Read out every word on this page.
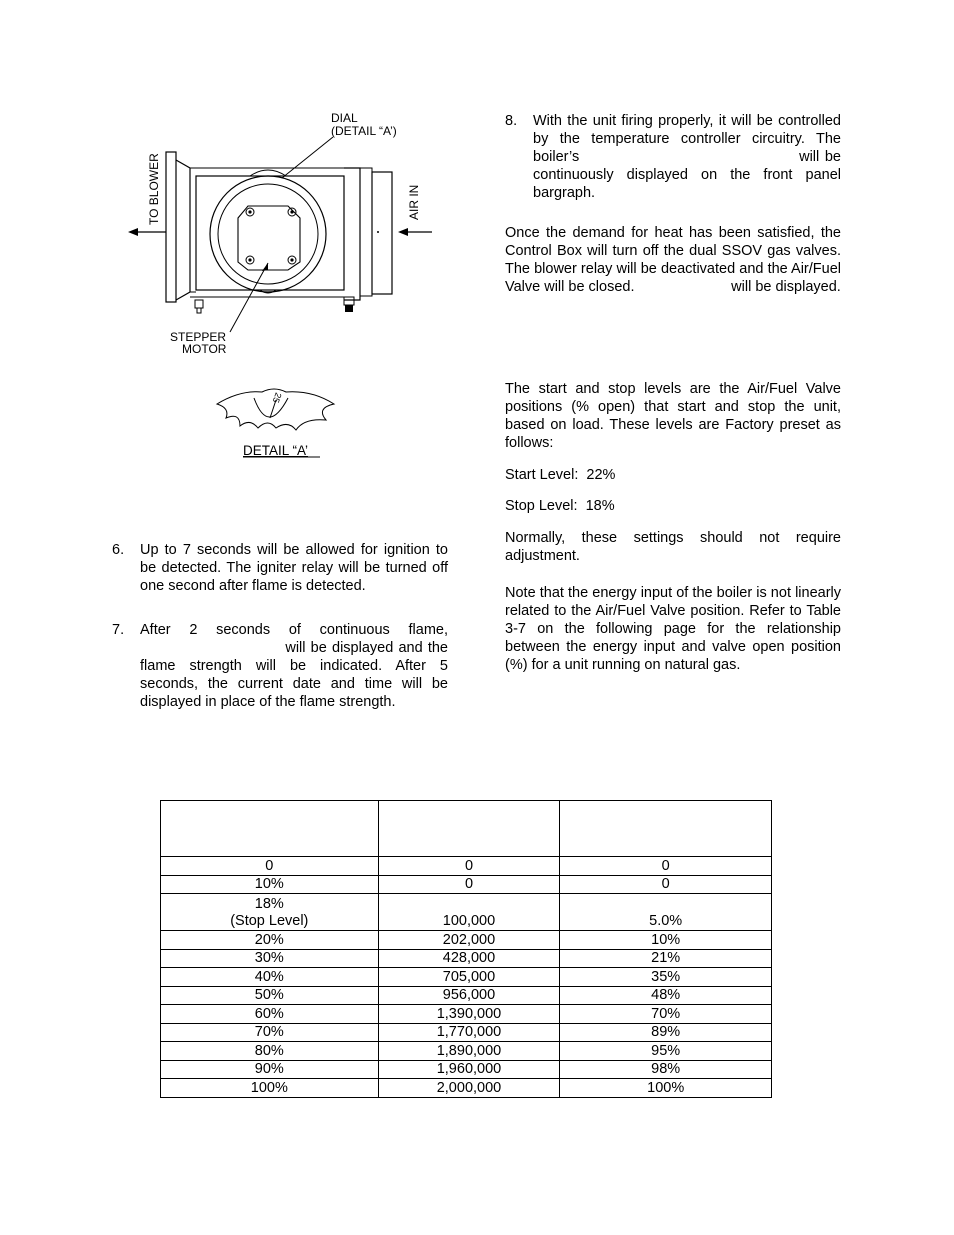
DIAL
(DETAIL “A’)
TO BLOWER	AIR IN
STEPPER
MOTOR
25
DETAIL “A’
6. Up to 7 seconds will be allowed for ignition to be detected. The igniter relay will be turned off one second after flame is detected.
7. After 2 seconds of continuous flame,                             will be displayed and the flame strength will be indicated. After 5 seconds, the current date and time will be displayed in place of the flame strength.
8. With the unit firing properly, it will be controlled by the temperature controller circuitry. The boiler’s                                       will be continuously displayed on the front panel bargraph.
Once the demand for heat has been satisfied, the Control Box will turn off the dual SSOV gas valves. The blower relay will be deactivated and the Air/Fuel Valve will be closed.                        will be displayed.
The start and stop levels are the Air/Fuel Valve positions (% open) that start and stop the unit, based on load. These levels are Factory preset as follows:
Start Level:  22%
Stop Level:  18%
Normally, these settings should not require adjustment.
Note that the energy input of the boiler is not linearly related to the Air/Fuel Valve position. Refer to Table 3-7 on the following page for the relationship between the energy input and valve open position (%) for a unit running on natural gas.

0	0	0
10%	0	0

18%
(Stop Level)	100,000	5.0%
20%	202,000	10%
30%	428,000	21%
40%	705,000	35%
50%	956,000	48%
60%	1,390,000	70%
70%	1,770,000	89%
80%	1,890,000	95%
90%	1,960,000	98%
100%	2,000,000	100%
